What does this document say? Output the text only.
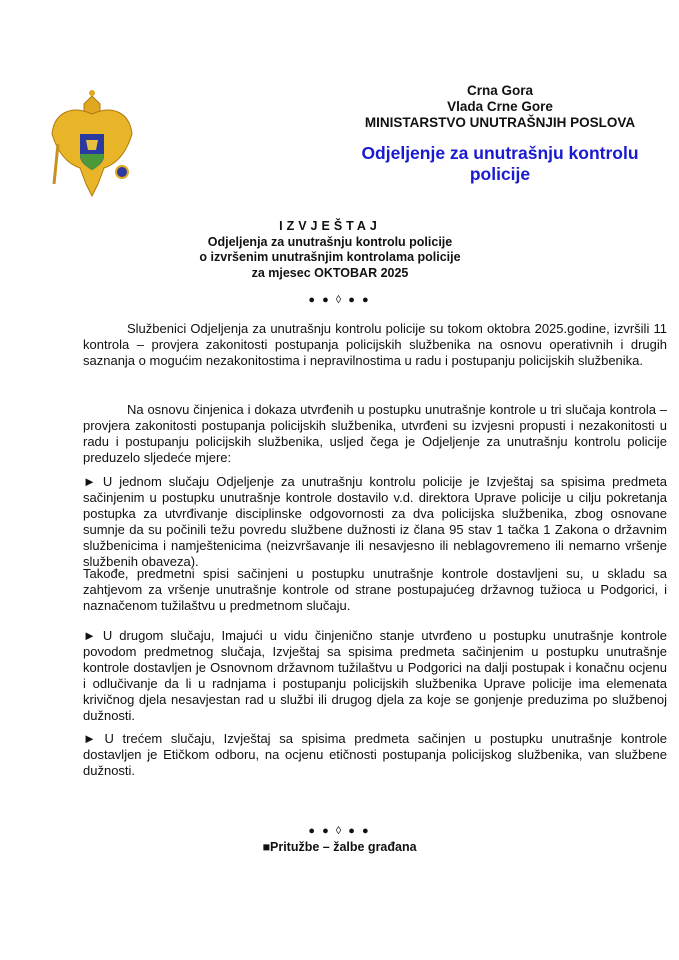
Crna Gora
Vlada Crne Gore
MINISTARSTVO UNUTRAŠNJIH POSLOVA
Odjeljenje za unutrašnju kontrolu policije
IZVJEŠTAJ
Odjeljenja za unutrašnju kontrolu policije
o izvršenim unutrašnjim kontrolama policije
za mjesec OKTOBAR 2025
● ● ◊ ● ●

Službenici Odjeljenja za unutrašnju kontrolu policije su tokom oktobra 2025.godine, izvršili 11 kontrola – provjera zakonitosti postupanja policijskih službenika na osnovu operativnih i drugih saznanja o mogućim nezakonitostima i nepravilnostima u radu i postupanju policijskih službenika.

Na osnovu činjenica i dokaza utvrđenih u postupku unutrašnje kontrole u tri slučaja kontrola – provjera zakonitosti postupanja policijskih službenika, utvrđeni su izvjesni propusti i nezakonitosti u radu i postupanju policijskih službenika, usljed čega je Odjeljenje za unutrašnju kontrolu policije preduzelo sljedeće mjere:

► U jednom slučaju Odjeljenje za unutrašnju kontrolu policije je Izvještaj sa spisima predmeta sačinjenim u postupku unutrašnje kontrole dostavilo v.d. direktora Uprave policije u cilju pokretanja postupka za utvrđivanje disciplinske odgovornosti za dva policijska službenika, zbog osnovane sumnje da su počinili težu povredu službene dužnosti iz člana 95 stav 1 tačka 1 Zakona o državnim službenicima i namještenicima (neizvršavanje ili nesavjesno ili neblagovremeno ili nemarno vršenje službenih obaveza).

Takođe, predmetni spisi sačinjeni u postupku unutrašnje kontrole dostavljeni su, u skladu sa zahtjevom za vršenje unutrašnje kontrole od strane postupajućeg državnog tužioca u Podgorici, i naznačenom tužilaštvu u predmetnom slučaju.

► U drugom slučaju, Imajući u vidu činjenično stanje utvrđeno u postupku unutrašnje kontrole povodom predmetnog slučaja, Izvještaj sa spisima predmeta sačinjenim u postupku unutrašnje kontrole dostavljen je Osnovnom državnom tužilaštvu u Podgorici na dalji postupak i konačnu ocjenu i odlučivanje da li u radnjama i postupanju policijskih službenika Uprave policije ima elemenata krivičnog djela nesavjestan rad u službi ili drugog djela za koje se gonjenje preduzima po službenoj dužnosti.

► U trećem slučaju, Izvještaj sa spisima predmeta sačinjen u postupku unutrašnje kontrole dostavljen je Etičkom odboru, na ocjenu etičnosti postupanja policijskog službenika, van službene dužnosti.

● ● ◊ ● ●
■Pritužbe – žalbe građana
